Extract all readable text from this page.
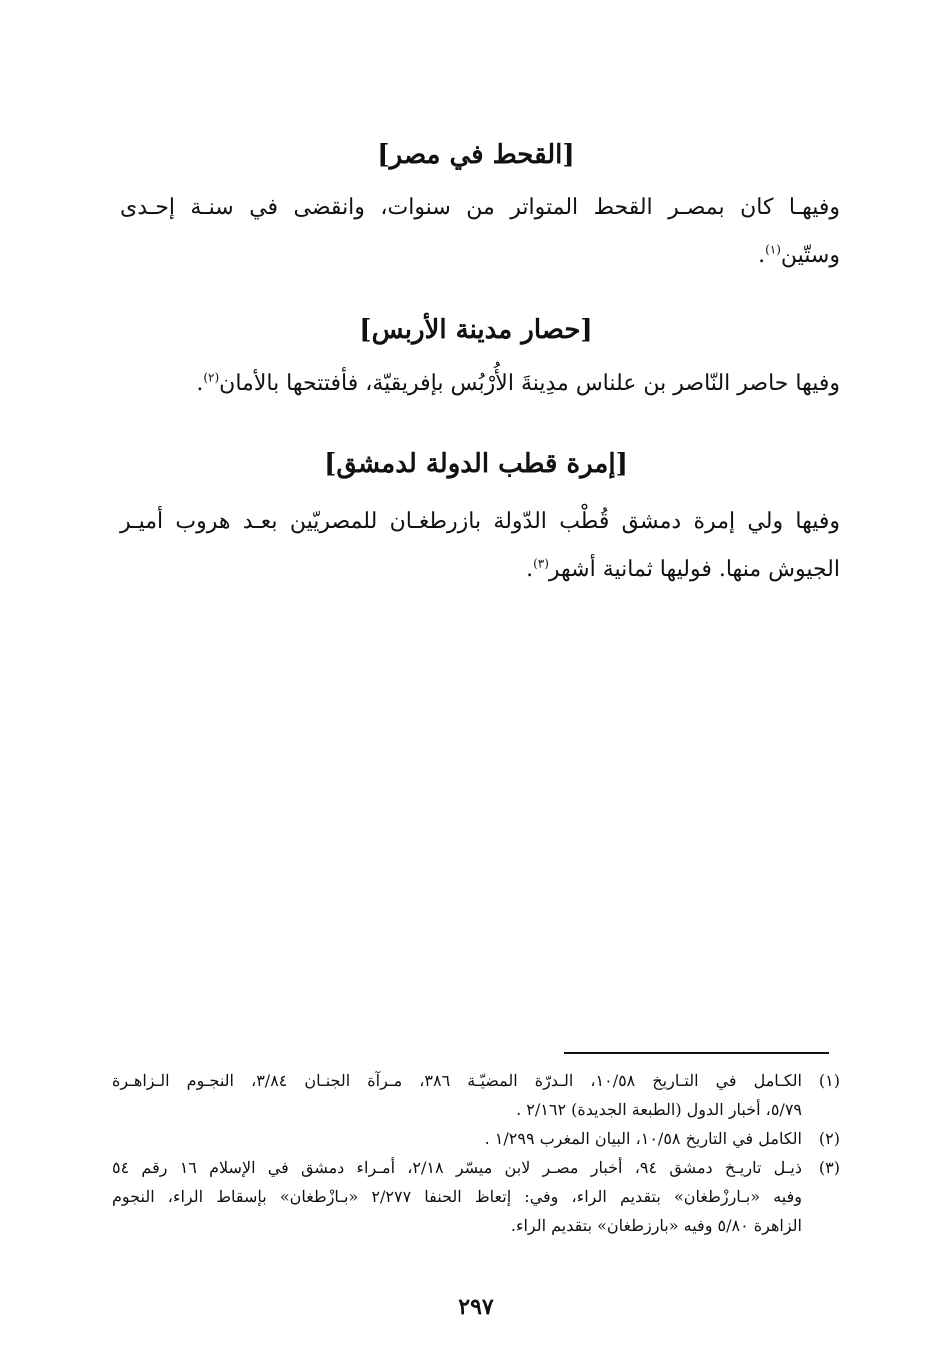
[القحط في مصر]

وفيهـا كان بمصـر القحط المتواتر من سنوات، وانقضى في سنـة إحـدى
وستّين$^{(١)}$.

[حصار مدينة الأربس]

وفيها حاصر النّاصر بن علناس مدِينةَ الأُرْبُس بإفريقيّة، فأفتتحها بالأمان$^{(٢)}$.

[إمرة قطب الدولة لدمشق]

وفيها ولي إمرة دمشق قُطْب الدّولة بازرطغـان للمصريّين بعـد هروب أميـر
الجيوش منها. فوليها ثمانية أشهر$^{(٣)}$.

(١)
الكـامل في التـاريخ ١٠/٥٨، الـدرّة المضيّـة ٣٨٦، مـرآة الجنـان ٣/٨٤، النجـوم الـزاهـرة
٥/٧٩، أخبار الدول (الطبعة الجديدة) ٢/١٦٢ .
(٢)
الكامل في التاريخ ١٠/٥٨، البيان المغرب ١/٢٩٩ .
(٣)
ذيـل تاريـخ دمشق ٩٤، أخبار مصـر لابن ميسّر ٢/١٨، أمـراء دمشق في الإسلام ١٦ رقم ٥٤
وفيه «بـارزْطغان» بتقديم الراء، وفي: إتعاظ الحنفا ٢/٢٧٧ «بـازْطغان» بإسقاط الراء، النجوم
الزاهرة ٥/٨٠ وفيه «بارزطغان» بتقديم الراء.
٢٩٧
